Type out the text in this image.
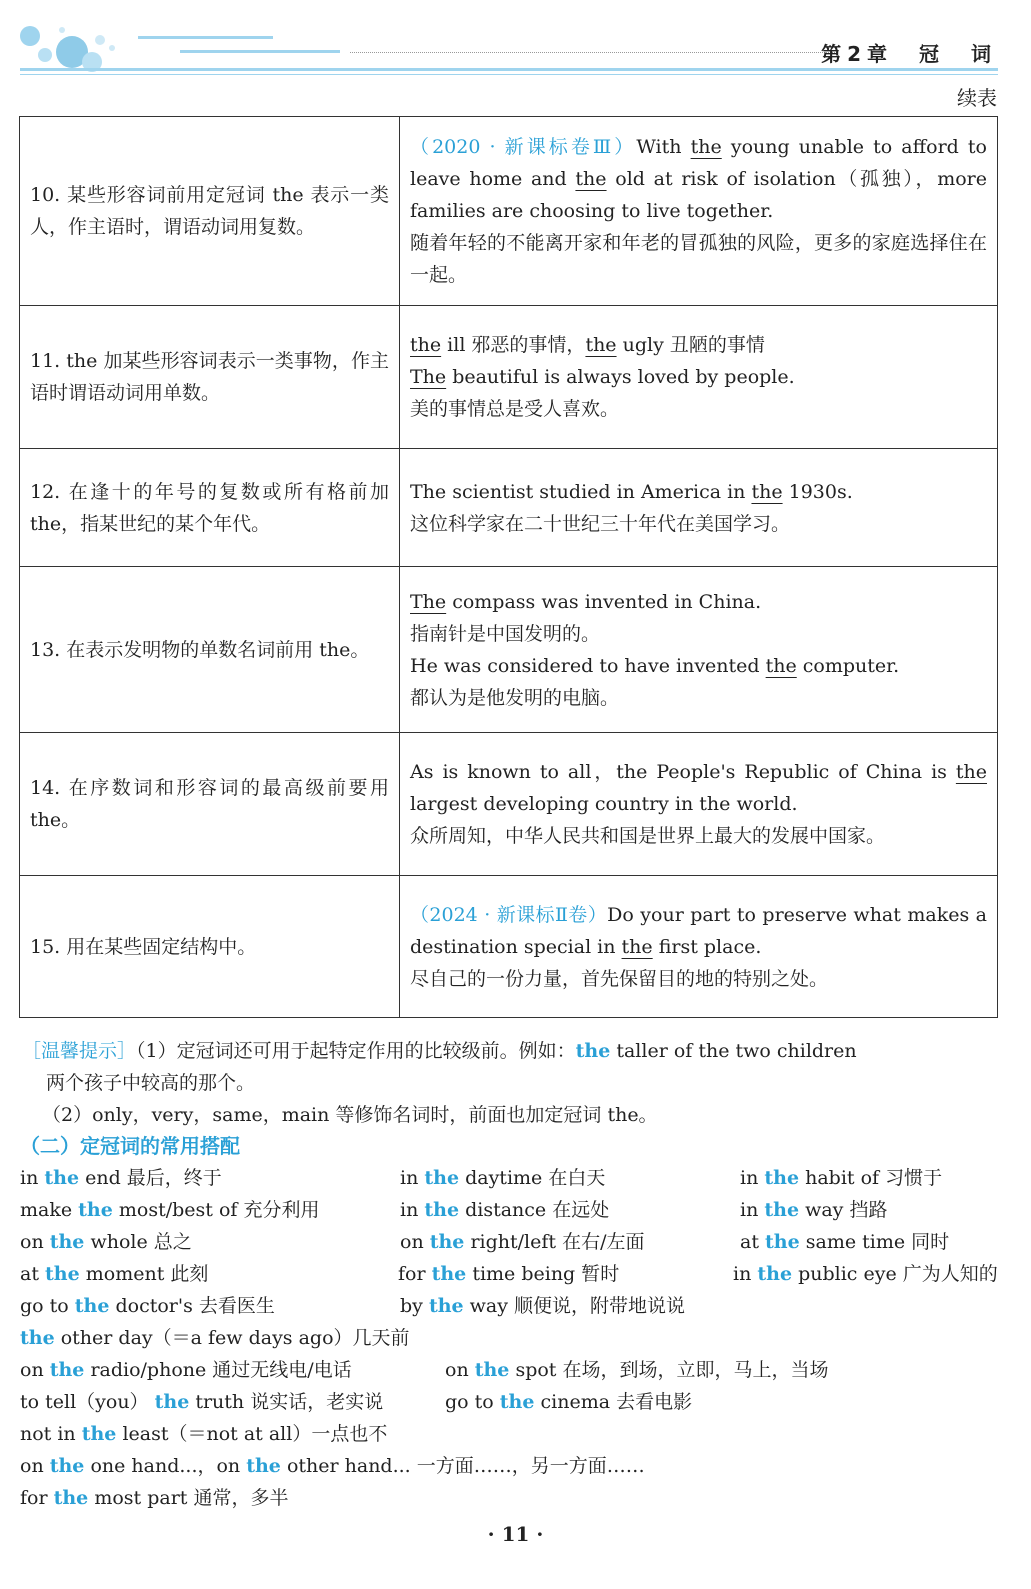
第2章　冠　词
续表
10. 某些形容词前用定冠词 the 表示一类人，作主语时，谓语动词用复数。	（2020 · 新课标卷Ⅲ）With the young unable to afford to leave home and the old at risk of isolation（孤独），more families are choosing to live together.
随着年轻的不能离开家和年老的冒孤独的风险，更多的家庭选择住在一起。
11. the 加某些形容词表示一类事物，作主语时谓语动词用单数。	the ill 邪恶的事情，the ugly 丑陋的事情
The beautiful is always loved by people.
美的事情总是受人喜欢。
12. 在逢十的年号的复数或所有格前加 the，指某世纪的某个年代。	The scientist studied in America in the 1930s.
这位科学家在二十世纪三十年代在美国学习。
13. 在表示发明物的单数名词前用 the。	The compass was invented in China.
指南针是中国发明的。
He was considered to have invented the computer.
都认为是他发明的电脑。
14. 在序数词和形容词的最高级前要用 the。	As is known to all，the People's Republic of China is the largest developing country in the world.
众所周知，中华人民共和国是世界上最大的发展中国家。
15. 用在某些固定结构中。	（2024 · 新课标Ⅱ卷）Do your part to preserve what makes a destination special in the first place.
尽自己的一份力量，首先保留目的地的特别之处。
［温馨提示］（1）定冠词还可用于起特定作用的比较级前。例如：the taller of the two children
两个孩子中较高的那个。
（2）only，very，same，main 等修饰名词时，前面也加定冠词 the。
（二）定冠词的常用搭配
in the end 最后，终于	in the daytime 在白天	in the habit of 习惯于
make the most/best of 充分利用	in the distance 在远处	in the way 挡路
on the whole 总之	on the right/left 在右/左面	at the same time 同时
at the moment 此刻	for the time being 暂时	in the public eye 广为人知的
go to the doctor's 去看医生	by the way 顺便说，附带地说说
the other day（＝a few days ago）几天前
on the radio/phone 通过无线电/电话	on the spot 在场，到场，立即，马上，当场
to tell（you） the truth 说实话，老实说	go to the cinema 去看电影
not in the least（＝not at all）一点也不
on the one hand...，on the other hand... 一方面……，另一方面……
for the most part 通常，多半
· 11 ·
